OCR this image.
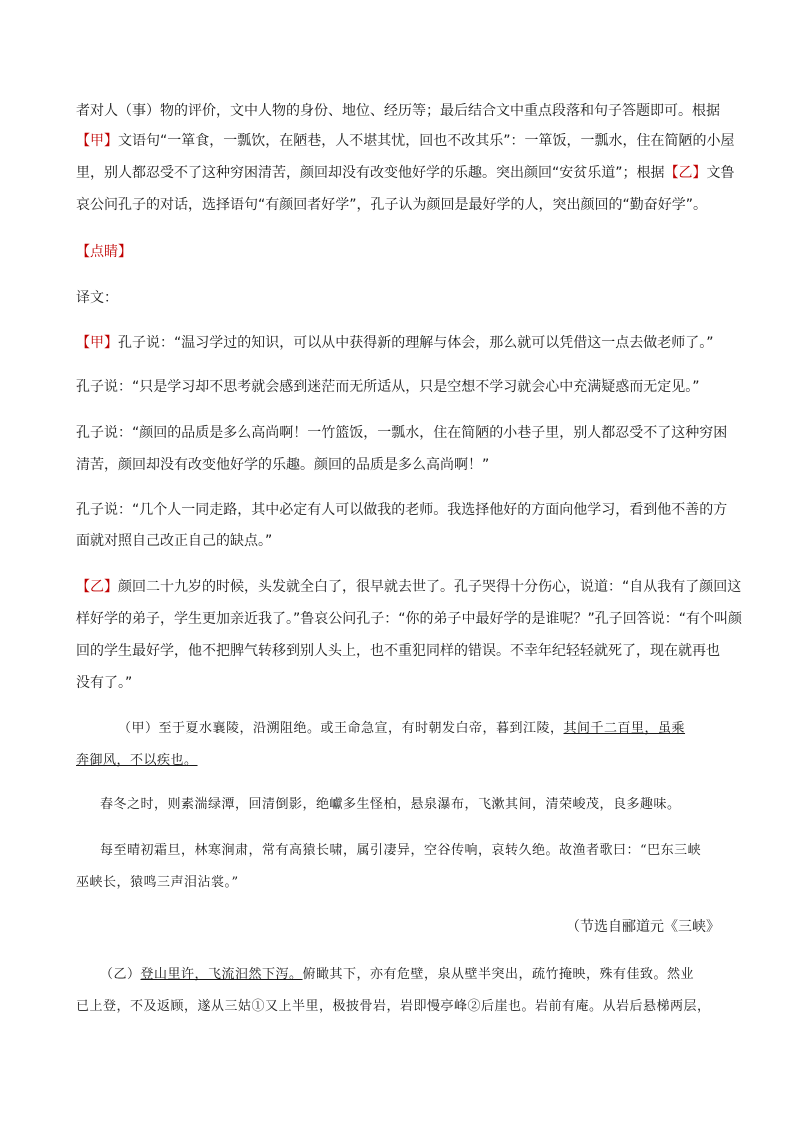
者对人（事）物的评价，文中人物的身份、地位、经历等；最后结合文中重点段落和句子答题即可。根据
【甲】文语句“一箪食，一瓢饮，在陋巷，人不堪其忧，回也不改其乐”：一箪饭，一瓢水，住在简陋的小屋
里，别人都忍受不了这种穷困清苦，颜回却没有改变他好学的乐趣。突出颜回“安贫乐道”；根据【乙】文鲁
哀公问孔子的对话，选择语句“有颜回者好学”，孔子认为颜回是最好学的人，突出颜回的“勤奋好学”。
【点睛】
译文：
【甲】孔子说：“温习学过的知识，可以从中获得新的理解与体会，那么就可以凭借这一点去做老师了。”
孔子说：“只是学习却不思考就会感到迷茫而无所适从，只是空想不学习就会心中充满疑惑而无定见。”
孔子说：“颜回的品质是多么高尚啊！一竹篮饭，一瓢水，住在简陋的小巷子里，别人都忍受不了这种穷困
清苦，颜回却没有改变他好学的乐趣。颜回的品质是多么高尚啊！”
孔子说：“几个人一同走路，其中必定有人可以做我的老师。我选择他好的方面向他学习，看到他不善的方
面就对照自己改正自己的缺点。”
【乙】颜回二十九岁的时候，头发就全白了，很早就去世了。孔子哭得十分伤心，说道：“自从我有了颜回这
样好学的弟子，学生更加亲近我了。”鲁哀公问孔子：“你的弟子中最好学的是谁呢？”孔子回答说：“有个叫颜
回的学生最好学，他不把脾气转移到别人头上，也不重犯同样的错误。不幸年纪轻轻就死了，现在就再也
没有了。”
（甲）至于夏水襄陵，沿溯阻绝。或王命急宣，有时朝发白帝，暮到江陵，其间千二百里，虽乘
奔御风，不以疾也。
春冬之时，则素湍绿潭，回清倒影，绝巘多生怪柏，悬泉瀑布，飞漱其间，清荣峻茂，良多趣味。
每至晴初霜旦，林寒涧肃，常有高猿长啸，属引凄异，空谷传响，哀转久绝。故渔者歌曰：“巴东三峡
巫峡长，猿鸣三声泪沾裳。”
（节选自郦道元《三峡》
（乙）登山里许，飞流汩然下泻。俯瞰其下，亦有危壁，泉从壁半突出，疏竹掩映，殊有佳致。然业
已上登，不及返顾，遂从三姑①又上半里，极披骨岩，岩即慢亭峰②后崖也。岩前有庵。从岩后悬梯两层，
